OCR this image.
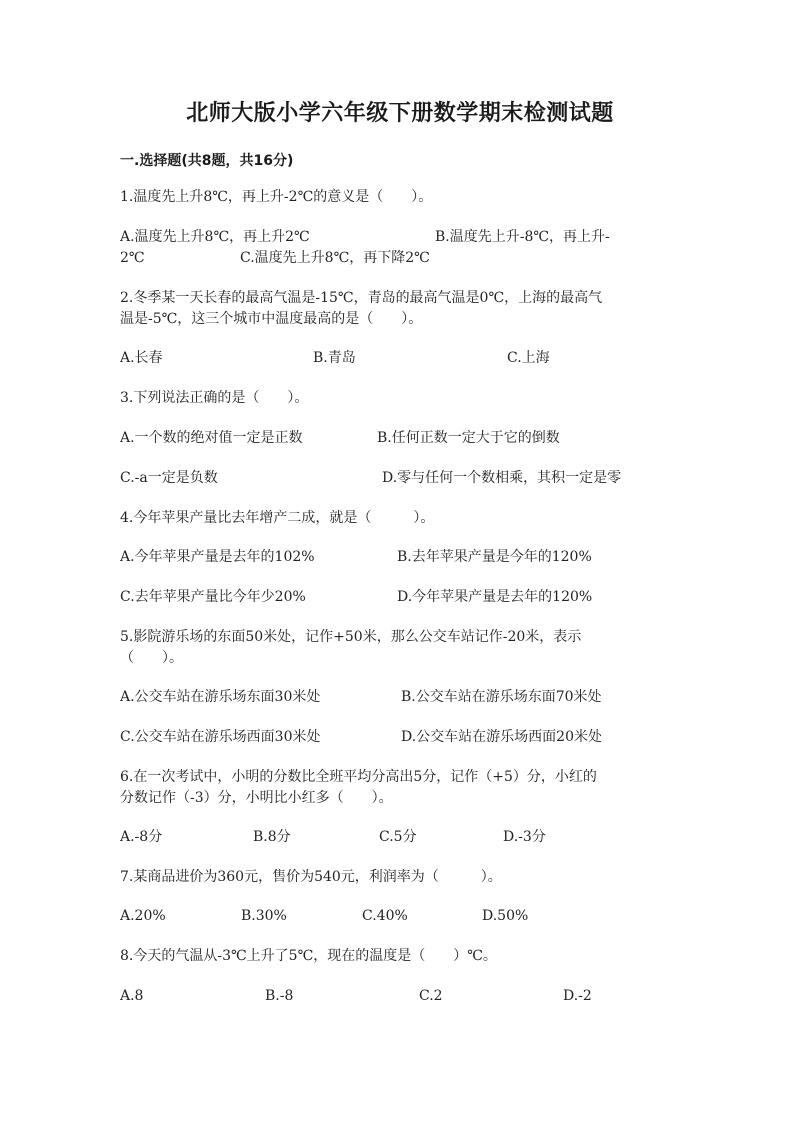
北师大版小学六年级下册数学期末检测试题
一.选择题(共8题，共16分)
1.温度先上升8℃，再上升-2℃的意义是（　　）。
A.温度先上升8℃，再上升2℃	B.温度先上升-8℃，再上升-
2℃	C.温度先上升8℃，再下降2℃
2.冬季某一天长春的最高气温是-15℃，青岛的最高气温是0℃，上海的最高气
温是-5℃，这三个城市中温度最高的是（　　）。
A.长春	B.青岛	C.上海
3.下列说法正确的是（　　）。
A.一个数的绝对值一定是正数	B.任何正数一定大于它的倒数
C.-a一定是负数	D.零与任何一个数相乘，其积一定是零
4.今年苹果产量比去年增产二成，就是（　　　）。
A.今年苹果产量是去年的102%	B.去年苹果产量是今年的120%
C.去年苹果产量比今年少20%	D.今年苹果产量是去年的120%
5.影院游乐场的东面50米处，记作+50米，那么公交车站记作-20米，表示
（　　）。
A.公交车站在游乐场东面30米处	B.公交车站在游乐场东面70米处
C.公交车站在游乐场西面30米处	D.公交车站在游乐场西面20米处
6.在一次考试中，小明的分数比全班平均分高出5分，记作（+5）分，小红的
分数记作（-3）分，小明比小红多（　　）。
A.-8分	B.8分	C.5分	D.-3分
7.某商品进价为360元，售价为540元，利润率为（　　　）。
A.20%	B.30%	C.40%	D.50%
8.今天的气温从-3℃上升了5℃，现在的温度是（　　）℃。
A.8	B.-8	C.2	D.-2
